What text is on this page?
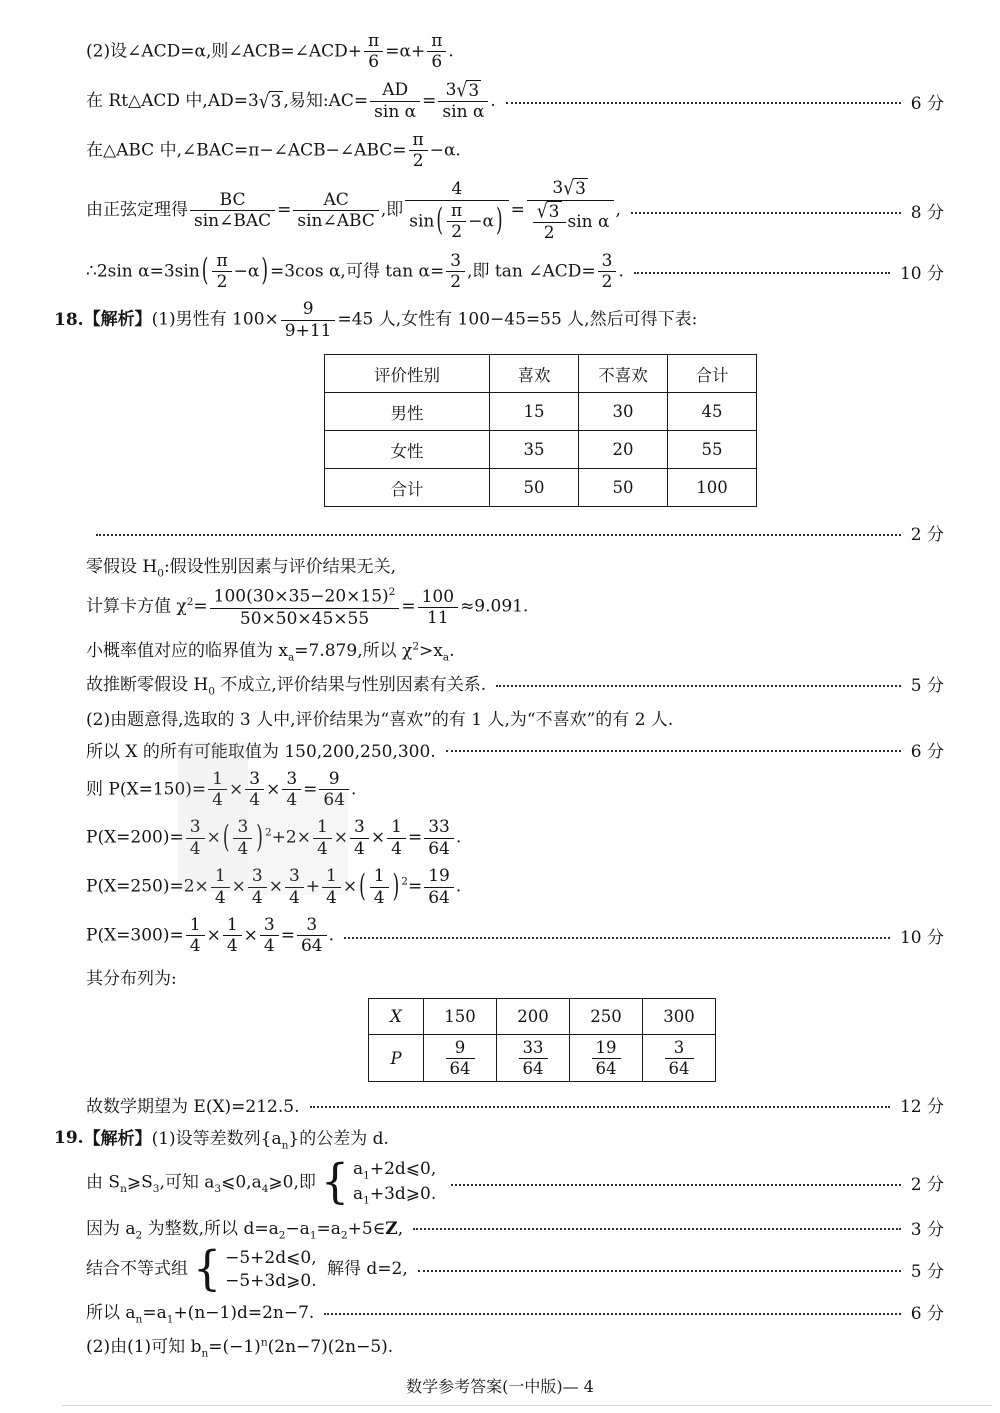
(2)设∠ACD=α,则∠ACB=∠ACD+ $\frac{\pi}{6} =\alpha+ \frac{\pi}{6}$ .
在 Rt△ACD 中,AD=3√3 ,易知:AC= $\frac{AD}{\text{sin α}} = \frac{3√3}{\text{sin α}}$ .	6 分
在△ABC 中,∠BAC=π−∠ACB−∠ABC= $\frac{\pi}{2} -\alpha$.
由正弦定理得 $\frac{BC}{\text{sin∠BAC}} = \frac{AC}{\text{sin∠ABC}}$ ,即 $\frac{4}{\sin ( \frac{\pi}{2} -\alpha )} = \frac{3√3}{\frac{√3}{2} \sin \alpha}$ ,	8 分
∴2sin α=3sin ( $\frac{\pi}{2} -\alpha$ ) =3cos α,可得 $\tan \alpha= \frac{3}{2}$ ,即 tan ∠ACD= $\frac{3}{2}$ .	10 分
18. 【解析】(1)男性有 $100\times \frac{9}{9+11} =45$ 人,女性有 100−45=55 人,然后可得下表:
评价性别	喜欢	不喜欢	合计
男性	15	30	45
女性	35	20	55
合计	50	50	100
2 分
零假设 $H_0$:假设性别因素与评价结果无关,
计算卡方值 $\chi^2= \frac{100(30\times 35-20\times 15)^2}{50\times 50\times 45\times 55} = \frac{100}{11} \approx 9.091$.
小概率值对应的临界值为 $x_a=7.879$,所以 $\chi^2>x_a$.
故推断零假设 $H_0$ 不成立,评价结果与性别因素有关系.	5 分
(2)由题意得,选取的 3 人中,评价结果为“喜欢”的有 1 人,为“不喜欢”的有 2 人.
所以 X 的所有可能取值为 150,200,250,300.	6 分
则 $P(X=150)= \frac{1}{4} \times \frac{3}{4} \times \frac{3}{4} = \frac{9}{64}$ .
$P(X=200)= \frac{3}{4}$ × ( $\frac{3}{4}$ ) $^2+2\times \frac{1}{4} \times \frac{3}{4} \times \frac{1}{4} = \frac{33}{64}$ .
$P(X=250)=2\times \frac{1}{4} \times \frac{3}{4} \times \frac{3}{4} + \frac{1}{4}$ × ( $\frac{1}{4}$ ) $^2= \frac{19}{64}$ .
$P(X=300)= \frac{1}{4} \times \frac{1}{4} \times \frac{3}{4} = \frac{3}{64}$ .	10 分
其分布列为:
X	150	200	250	300
P	$\frac{9}{64}$	$\frac{33}{64}$	$\frac{19}{64}$	$\frac{3}{64}$
故数学期望为 E(X)=212.5.	12 分
19. 【解析】(1)设等差数列$\{a_n\}$的公差为 d.
由 $S_n⩾S_3$,可知 $a_3⩽0,a_4⩾0$,即 { $a_1+2d⩽0$,
$a_1+3d⩾0$.	2 分
因为 $a_2$ 为整数,所以 $d=a_2-a_1=a_2+5\in Z$,	3 分
结合不等式组 { −5+2d⩽0,
−5+3d⩾0.
解得 d=2,	5 分
所以 $a_n=a_1+(n-1)d=2n-7$.	6 分
(2)由(1)可知 $b_n=(-1)^n(2n-7)(2n-5)$.
数学参考答案(一中版)— 4
